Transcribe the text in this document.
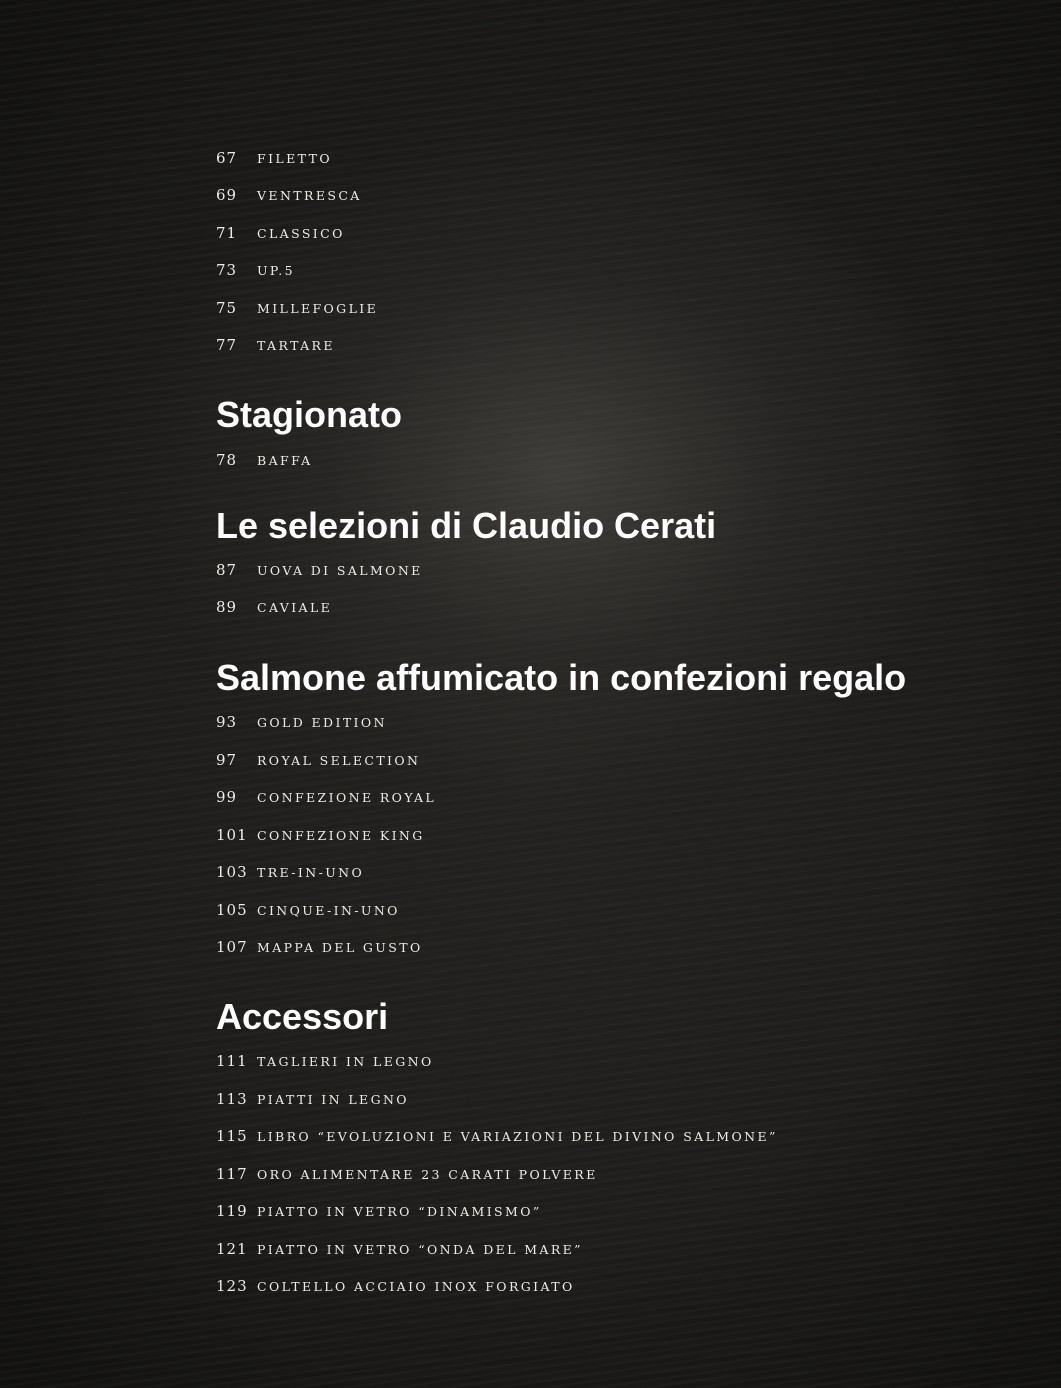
67	FILETTO
69	VENTRESCA
71	CLASSICO
73	UP.5
75	MILLEFOGLIE
77	TARTARE
Stagionato
78	BAFFA
Le selezioni di Claudio Cerati
87	UOVA DI SALMONE
89	CAVIALE
Salmone affumicato in confezioni regalo
93	GOLD EDITION
97	ROYAL SELECTION
99	CONFEZIONE ROYAL
101 CONFEZIONE KING
103 TRE-IN-UNO
105 CINQUE-IN-UNO
107 MAPPA DEL GUSTO
Accessori
111 TAGLIERI IN LEGNO
113 PIATTI IN LEGNO
115 LIBRO “EVOLUZIONI E VARIAZIONI DEL DIVINO SALMONE”
117 ORO ALIMENTARE 23 CARATI POLVERE
119 PIATTO IN VETRO “DINAMISMO”
121 PIATTO IN VETRO “ONDA DEL MARE”
123 COLTELLO ACCIAIO INOX FORGIATO
